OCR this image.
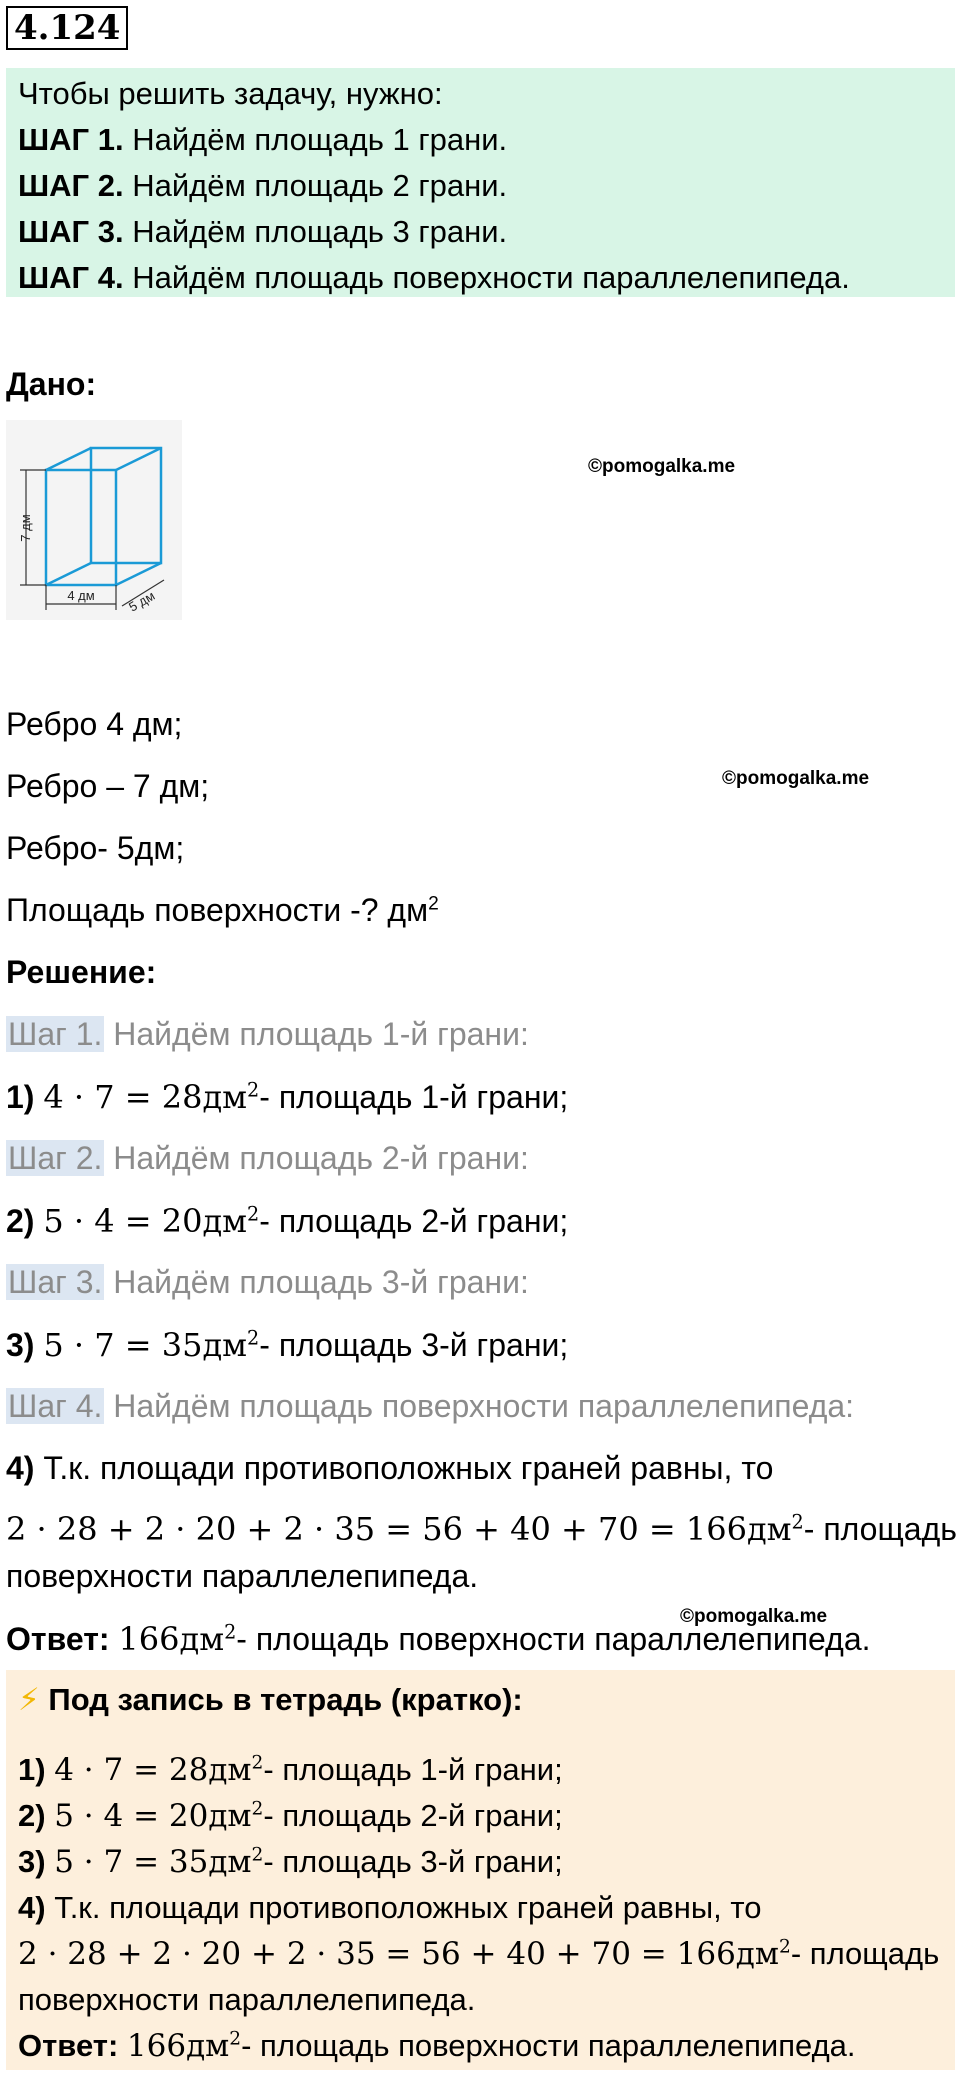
4.124
Чтобы решить задачу, нужно:
ШАГ 1. Найдём площадь 1 грани.
ШАГ 2. Найдём площадь 2 грани.
ШАГ 3. Найдём площадь 3 грани.
ШАГ 4. Найдём площадь поверхности параллелепипеда.
Дано:
7 дм
4 дм 5 дм
©pomogalka.me
Ребро 4 дм;
Ребро – 7 дм;	©pomogalka.me
Ребро- 5дм;
Площадь поверхности -? $дм^2$
Решение:
Шаг 1. Найдём площадь 1-й грани:
1) $4 \cdot 7 = 28дм^2-$ площадь 1-й грани;
Шаг 2. Найдём площадь 2-й грани:
2) $5 \cdot 4 = 20дм^2-$ площадь 2-й грани;
Шаг 3. Найдём площадь 3-й грани:
3) $5 \cdot 7 = 35дм^2-$ площадь 3-й грани;
Шаг 4. Найдём площадь поверхности параллелепипеда:
4) Т.к. площади противоположных граней равны, то
$2 \cdot 28 + 2 \cdot 20 + 2 \cdot 35 = 56 + 40 + 70 = 166дм^2-$ площадь
поверхности параллелепипеда.
©pomogalka.me
Ответ: $166дм^2-$ площадь поверхности параллелепипеда.
⚡ Под запись в тетрадь (кратко):
1) $4 \cdot 7 = 28дм^2-$ площадь 1-й грани;
2) $5 \cdot 4 = 20дм^2-$ площадь 2-й грани;
3) $5 \cdot 7 = 35дм^2-$ площадь 3-й грани;
4) Т.к. площади противоположных граней равны, то
$2 \cdot 28 + 2 \cdot 20 + 2 \cdot 35 = 56 + 40 + 70 = 166дм^2-$ площадь
поверхности параллелепипеда.
Ответ: $166дм^2-$ площадь поверхности параллелепипеда.
